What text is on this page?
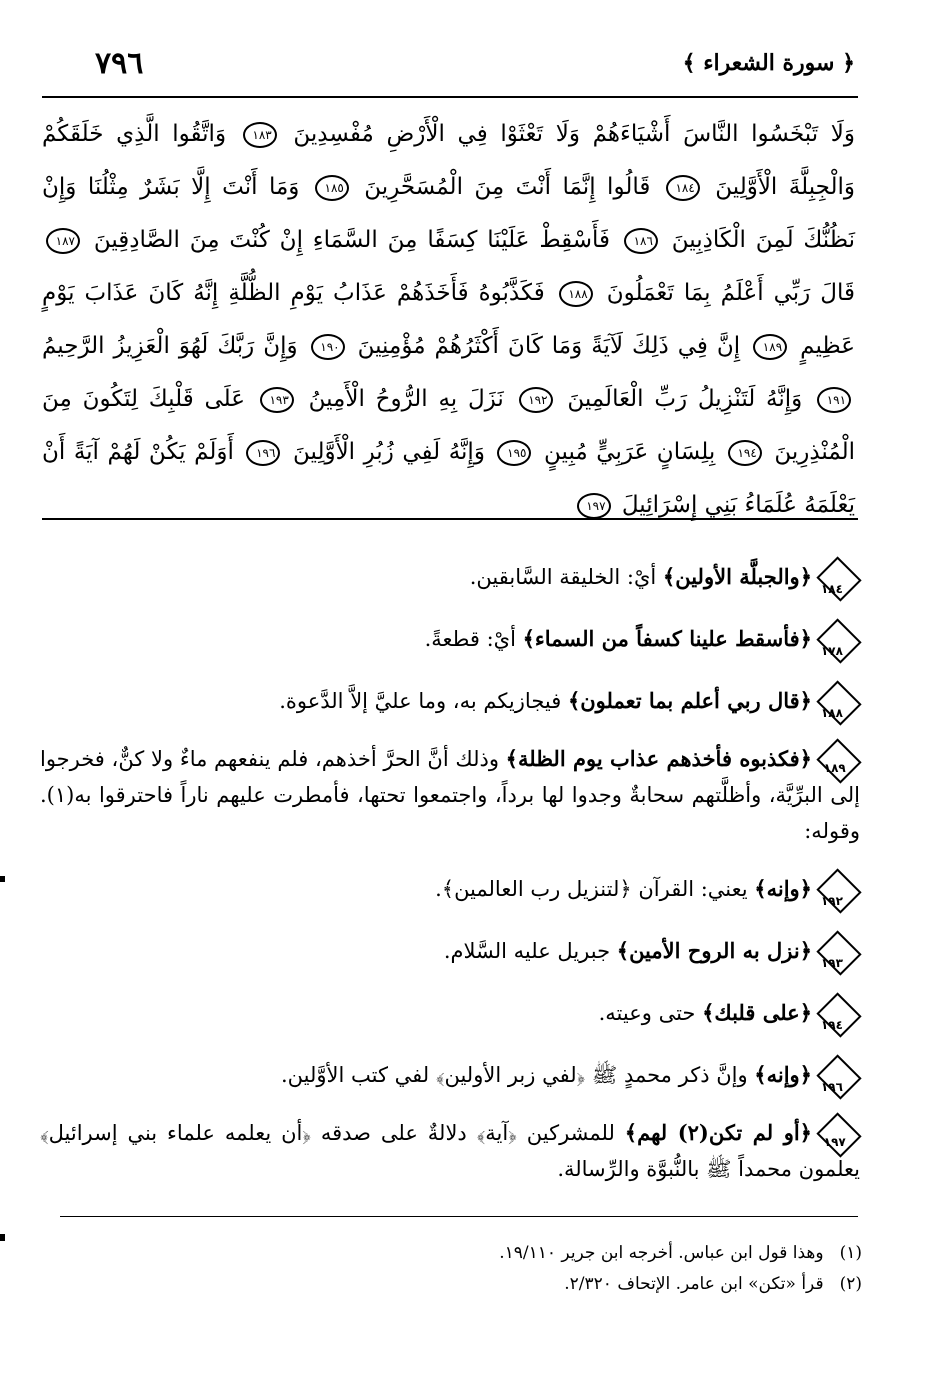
٧٩٦	﴿ سورة الشعراء ﴾
وَلَا تَبْخَسُوا النَّاسَ أَشْيَاءَهُمْ وَلَا تَعْثَوْا فِي الْأَرْضِ مُفْسِدِينَ ١٨٣ وَاتَّقُوا الَّذِي خَلَقَكُمْ وَالْجِبِلَّةَ الْأَوَّلِينَ ١٨٤ قَالُوا إِنَّمَا أَنْتَ مِنَ الْمُسَحَّرِينَ ١٨٥ وَمَا أَنْتَ إِلَّا بَشَرٌ مِثْلُنَا وَإِنْ نَظُنُّكَ لَمِنَ الْكَاذِبِينَ ١٨٦ فَأَسْقِطْ عَلَيْنَا كِسَفًا مِنَ السَّمَاءِ إِنْ كُنْتَ مِنَ الصَّادِقِينَ ١٨٧ قَالَ رَبِّي أَعْلَمُ بِمَا تَعْمَلُونَ ١٨٨ فَكَذَّبُوهُ فَأَخَذَهُمْ عَذَابُ يَوْمِ الظُّلَّةِ إِنَّهُ كَانَ عَذَابَ يَوْمٍ عَظِيمٍ ١٨٩ إِنَّ فِي ذَلِكَ لَآيَةً وَمَا كَانَ أَكْثَرُهُمْ مُؤْمِنِينَ ١٩٠ وَإِنَّ رَبَّكَ لَهُوَ الْعَزِيزُ الرَّحِيمُ ١٩١ وَإِنَّهُ لَتَنْزِيلُ رَبِّ الْعَالَمِينَ ١٩٢ نَزَلَ بِهِ الرُّوحُ الْأَمِينُ ١٩٣ عَلَى قَلْبِكَ لِتَكُونَ مِنَ الْمُنْذِرِينَ ١٩٤ بِلِسَانٍ عَرَبِيٍّ مُبِينٍ ١٩٥ وَإِنَّهُ لَفِي زُبُرِ الْأَوَّلِينَ ١٩٦ أَوَلَمْ يَكُنْ لَهُمْ آيَةً أَنْ يَعْلَمَهُ عُلَمَاءُ بَنِي إِسْرَائِيلَ ١٩٧
١٨٤﴿والجبلَّة الأولين﴾ أيْ: الخليقة السَّابقين.
١٧٨﴿فأسقط علينا كسفاً من السماء﴾ أيْ: قطعةً.
١٨٨﴿قال ربي أعلم بما تعملون﴾ فيجازيكم به، وما عليَّ إلاَّ الدَّعوة.
١٨٩﴿فكذبوه فأخذهم عذاب يوم الظلة﴾ وذلك أنَّ الحرَّ أخذهم، فلم ينفعهم ماءٌ ولا كنٌّ، فخرجوا إلى البرِّيَّة، وأظلَّتهم سحابةٌ وجدوا لها برداً، واجتمعوا تحتها، فأمطرت عليهم ناراً فاحترقوا به(١). وقوله:
١٩٢﴿وإنه﴾ يعني: القرآن ﴿لتنزيل رب العالمين﴾.
١٩٣﴿نزل به الروح الأمين﴾ جبريل عليه السَّلام.
١٩٤﴿على قلبك﴾ حتى وعيته.
١٩٦﴿وإنه﴾ وإنَّ ذكر محمدٍ ﷺ ﴿لفي زبر الأولين﴾ لفي كتب الأوَّلين.
١٩٧﴿أو لم تكن(٢) لهم﴾ للمشركين ﴿آية﴾ دلالةٌ على صدقه ﴿أن يعلمه علماء بني إسرائيل﴾ يعلمون محمداً ﷺ بالنُّبوَّة والرِّسالة.
(١)وهذا قول ابن عباس. أخرجه ابن جرير ١٩/١١٠.
(٢)قرأ «تكن» ابن عامر. الإتحاف ٢/٣٢٠.
